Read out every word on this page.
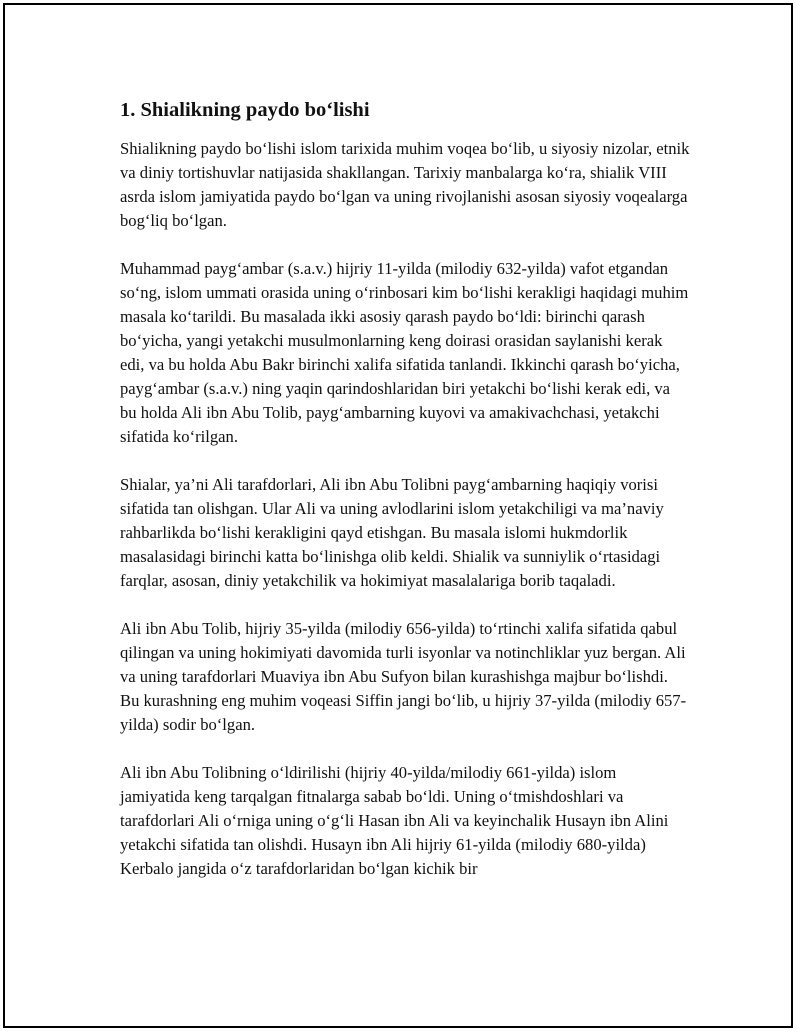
1. Shialikning paydo bo‘lishi

Shialikning paydo bo‘lishi islom tarixida muhim voqea bo‘lib, u siyosiy nizolar, etnik va diniy tortishuvlar natijasida shakllangan. Tarixiy manbalarga ko‘ra, shialik VIII asrda islom jamiyatida paydo bo‘lgan va uning rivojlanishi asosan siyosiy voqealarga bog‘liq bo‘lgan.

Muhammad payg‘ambar (s.a.v.) hijriy 11-yilda (milodiy 632-yilda) vafot etgandan so‘ng, islom ummati orasida uning o‘rinbosari kim bo‘lishi kerakligi haqidagi muhim masala ko‘tarildi. Bu masalada ikki asosiy qarash paydo bo‘ldi: birinchi qarash bo‘yicha, yangi yetakchi musulmonlarning keng doirasi orasidan saylanishi kerak edi, va bu holda Abu Bakr birinchi xalifa sifatida tanlandi. Ikkinchi qarash bo‘yicha, payg‘ambar (s.a.v.) ning yaqin qarindoshlaridan biri yetakchi bo‘lishi kerak edi, va bu holda Ali ibn Abu Tolib, payg‘ambarning kuyovi va amakivachchasi, yetakchi sifatida ko‘rilgan.

Shialar, ya’ni Ali tarafdorlari, Ali ibn Abu Tolibni payg‘ambarning haqiqiy vorisi sifatida tan olishgan. Ular Ali va uning avlodlarini islom yetakchiligi va ma’naviy rahbarlikda bo‘lishi kerakligini qayd etishgan. Bu masala islomi hukmdorlik masalasidagi birinchi katta bo‘linishga olib keldi. Shialik va sunniylik o‘rtasidagi farqlar, asosan, diniy yetakchilik va hokimiyat masalalariga borib taqaladi.

Ali ibn Abu Tolib, hijriy 35-yilda (milodiy 656-yilda) to‘rtinchi xalifa sifatida qabul qilingan va uning hokimiyati davomida turli isyonlar va notinchliklar yuz bergan. Ali va uning tarafdorlari Muaviya ibn Abu Sufyon bilan kurashishga majbur bo‘lishdi. Bu kurashning eng muhim voqeasi Siffin jangi bo‘lib, u hijriy 37-yilda (milodiy 657-yilda) sodir bo‘lgan.

Ali ibn Abu Tolibning o‘ldirilishi (hijriy 40-yilda/milodiy 661-yilda) islom jamiyatida keng tarqalgan fitnalarga sabab bo‘ldi. Uning o‘tmishdoshlari va tarafdorlari Ali o‘rniga uning o‘g‘li Hasan ibn Ali va keyinchalik Husayn ibn Alini yetakchi sifatida tan olishdi. Husayn ibn Ali hijriy 61-yilda (milodiy 680-yilda) Kerbalo jangida o‘z tarafdorlaridan bo‘lgan kichik bir
